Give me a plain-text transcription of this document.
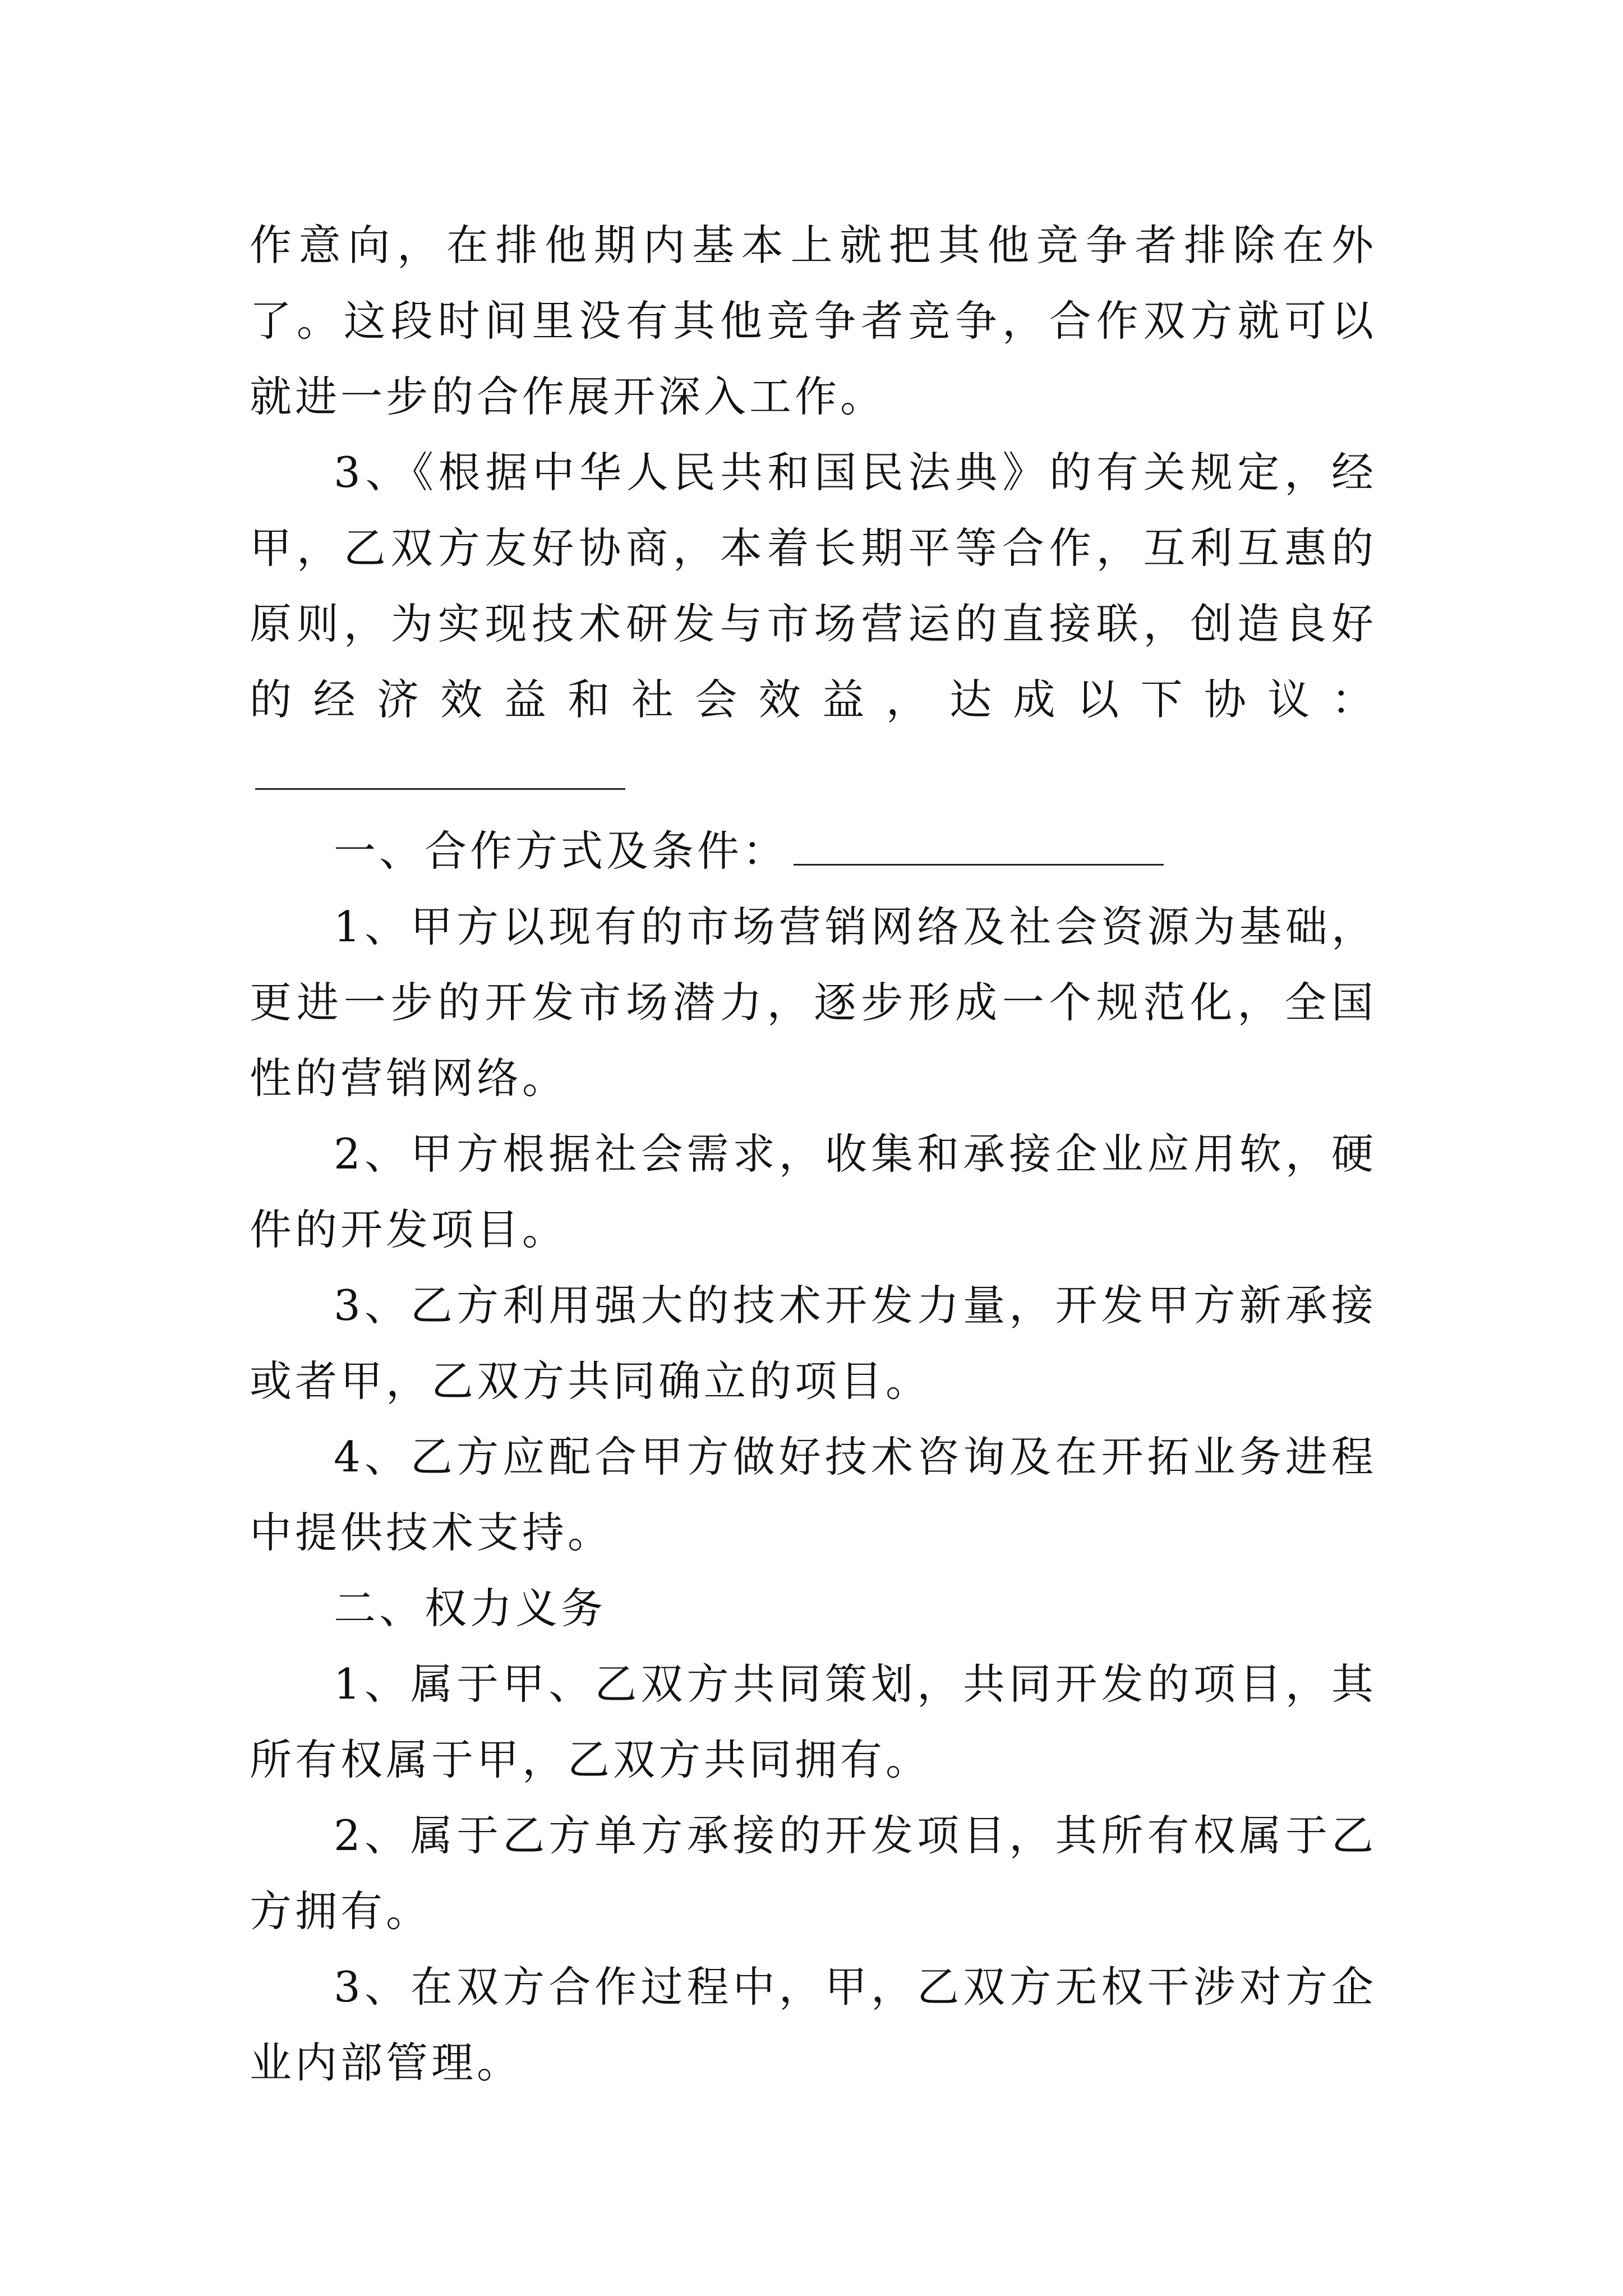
作意向，在排他期内基本上就把其他竞争者排除在外了。这段时间里没有其他竞争者竞争，合作双方就可以就进一步的合作展开深入工作。

3、《根据中华人民共和国民法典》的有关规定，经甲，乙双方友好协商，本着长期平等合作，互利互惠的原则，为实现技术研发与市场营运的直接联，创造良好的经济效益和社会效益，达成以下协议：

一、合作方式及条件：

1、甲方以现有的市场营销网络及社会资源为基础，更进一步的开发市场潜力，逐步形成一个规范化，全国性的营销网络。

2、甲方根据社会需求，收集和承接企业应用软，硬件的开发项目。

3、乙方利用强大的技术开发力量，开发甲方新承接或者甲，乙双方共同确立的项目。

4、乙方应配合甲方做好技术咨询及在开拓业务进程中提供技术支持。

二、权力义务

1、属于甲、乙双方共同策划，共同开发的项目，其所有权属于甲，乙双方共同拥有。

2、属于乙方单方承接的开发项目，其所有权属于乙方拥有。

3、在双方合作过程中，甲，乙双方无权干涉对方企业内部管理。
